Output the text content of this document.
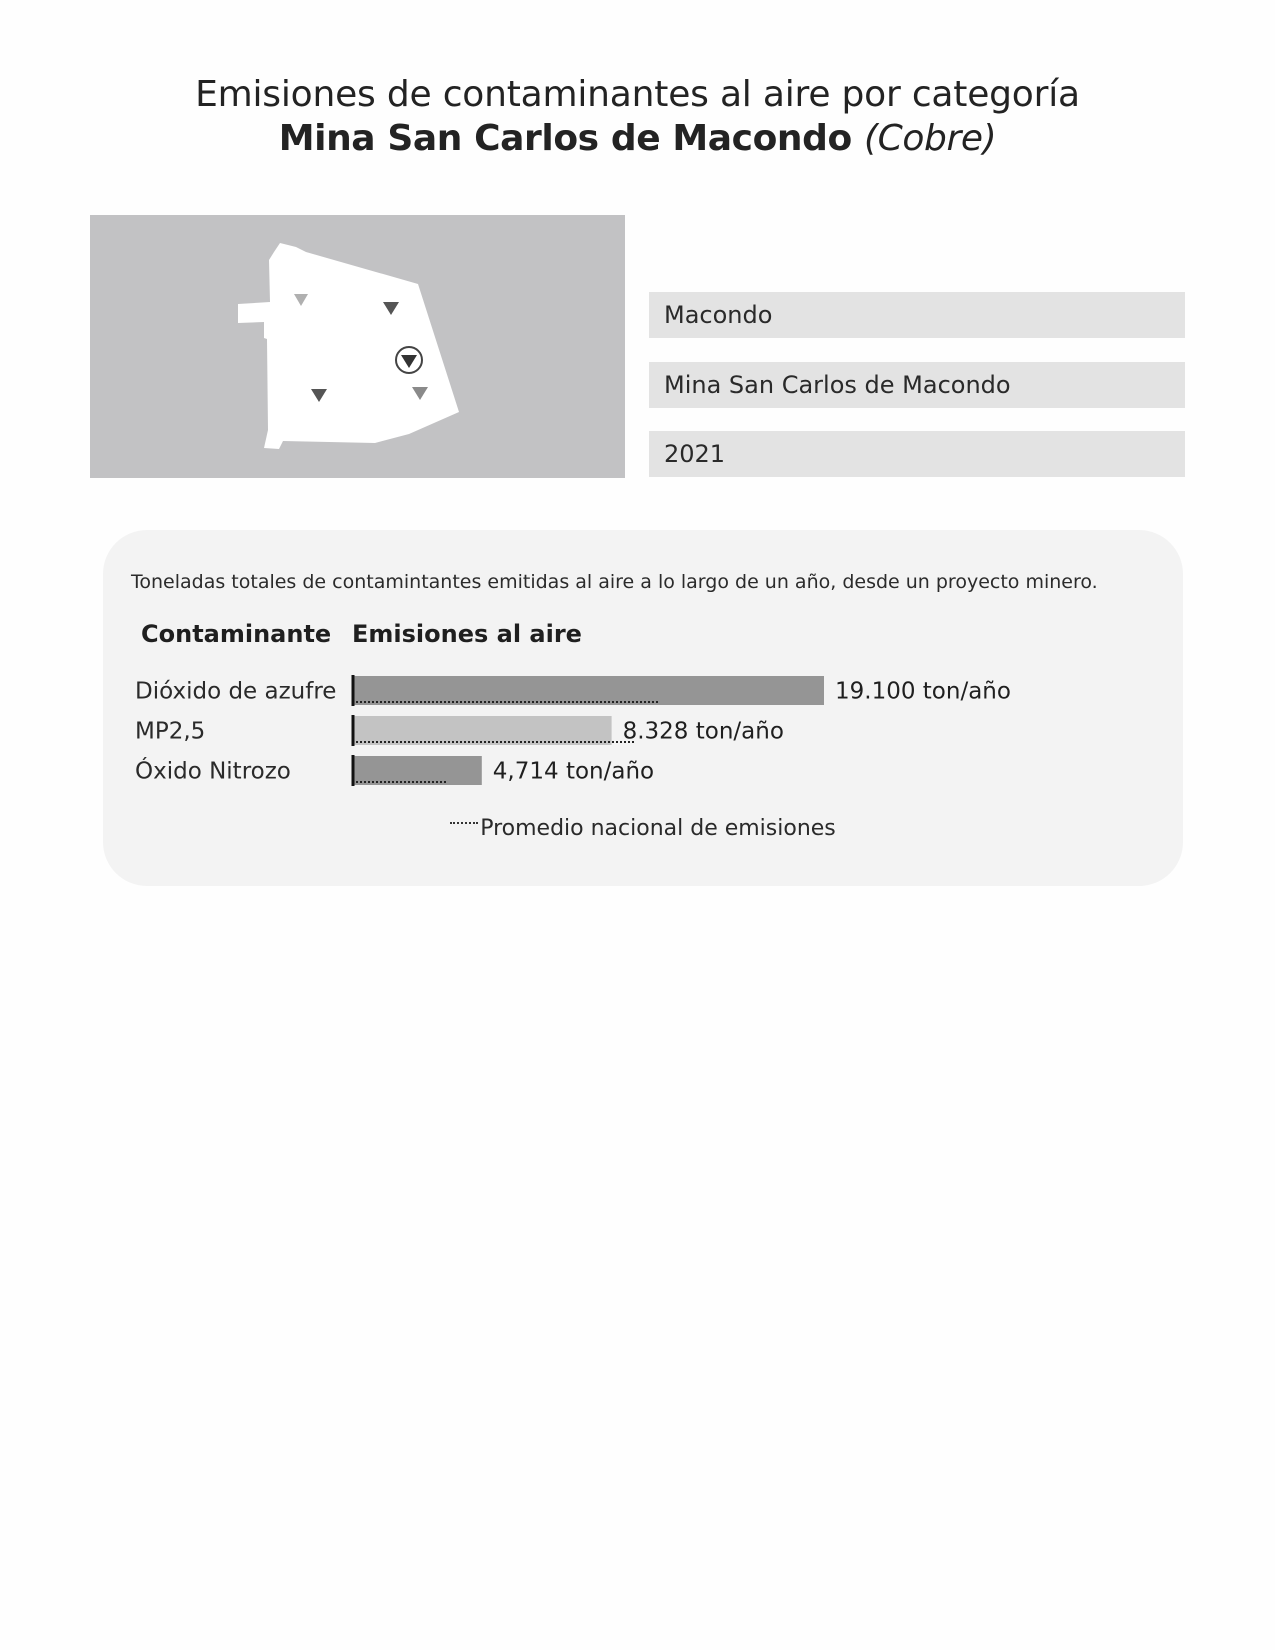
Emisiones de contaminantes al aire por categoría
Mina San Carlos de Macondo (Cobre)
Macondo
Mina San Carlos de Macondo
2021

Toneladas totales de contamintantes emitidas al aire a lo largo de un año, desde un proyecto minero.

Contaminante Emisiones al aire

Dióxido de azufre	19.100 ton/año
MP2,5	8.328 ton/año
Óxido Nitrozo	4,714 ton/año
Promedio nacional de emisiones
